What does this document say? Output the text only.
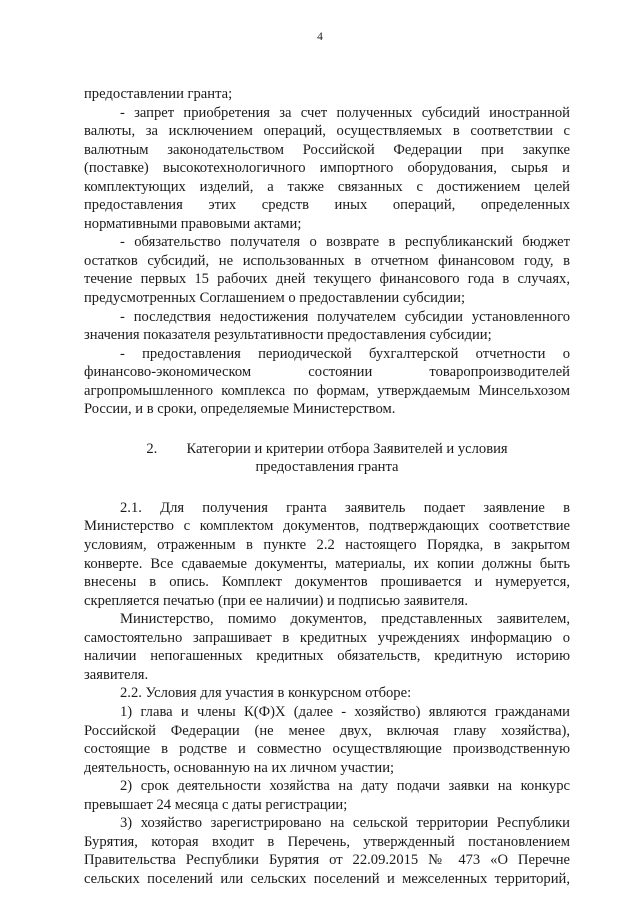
4
предоставлении гранта;
- запрет приобретения за счет полученных субсидий иностранной
валюты, за исключением операций, осуществляемых в соответствии с
валютным законодательством Российской Федерации при закупке
(поставке) высокотехнологичного импортного оборудования, сырья и
комплектующих изделий, а также связанных с достижением целей
предоставления этих средств иных операций, определенных
нормативными правовыми актами;
- обязательство получателя о возврате в республиканский бюджет
остатков субсидий, не использованных в отчетном финансовом году, в
течение первых 15 рабочих дней текущего финансового года в случаях,
предусмотренных Соглашением о предоставлении субсидии;
- последствия недостижения получателем субсидии установленного
значения показателя результативности предоставления субсидии;
- предоставления периодической бухгалтерской отчетности о
финансово-экономическом состоянии товаропроизводителей
агропромышленного комплекса по формам, утверждаемым Минсельхозом
России, и в сроки, определяемые Министерством.
2.  Категории и критерии отбора Заявителей и условия
предоставления гранта
2.1. Для получения гранта заявитель подает заявление в
Министерство с комплектом документов, подтверждающих соответствие
условиям, отраженным в пункте 2.2 настоящего Порядка, в закрытом
конверте. Все сдаваемые документы, материалы, их копии должны быть
внесены в опись. Комплект документов прошивается и нумеруется,
скрепляется печатью (при ее наличии) и подписью заявителя.
Министерство, помимо документов, представленных заявителем,
самостоятельно запрашивает в кредитных учреждениях информацию о
наличии непогашенных кредитных обязательств, кредитную историю
заявителя.
2.2. Условия для участия в конкурсном отборе:
1) глава и члены К(Ф)Х (далее - хозяйство) являются гражданами
Российской Федерации (не менее двух, включая главу хозяйства),
состоящие в родстве и совместно осуществляющие производственную
деятельность, основанную на их личном участии;
2) срок деятельности хозяйства на дату подачи заявки на конкурс
превышает 24 месяца с даты регистрации;
3) хозяйство зарегистрировано на сельской территории Республики
Бурятия, которая входит в Перечень, утвержденный постановлением
Правительства Республики Бурятия от 22.09.2015 № 473 «О Перечне
сельских поселений или сельских поселений и межселенных территорий,
